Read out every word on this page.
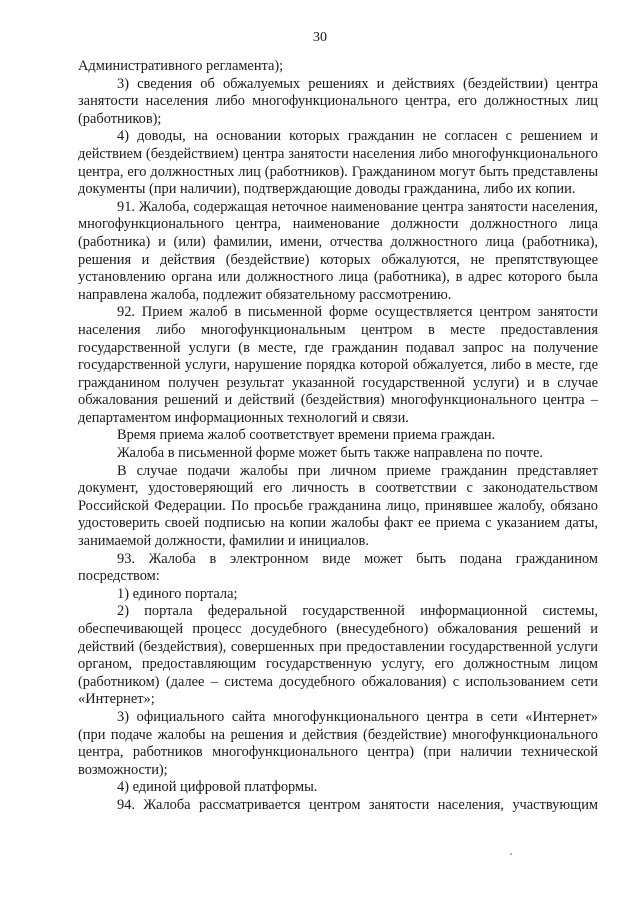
30

Административного регламента);

3) сведения об обжалуемых решениях и действиях (бездействии) центра занятости населения либо многофункционального центра, его должностных лиц (работников);

4) доводы, на основании которых гражданин не согласен с решением и действием (бездействием) центра занятости населения либо многофункционального центра, его должностных лиц (работников). Гражданином могут быть представлены документы (при наличии), подтверждающие доводы гражданина, либо их копии.

91. Жалоба, содержащая неточное наименование центра занятости населения, многофункционального центра, наименование должности должностного лица (работника) и (или) фамилии, имени, отчества должностного лица (работника), решения и действия (бездействие) которых обжалуются, не препятствующее установлению органа или должностного лица (работника), в адрес которого была направлена жалоба, подлежит обязательному рассмотрению.

92. Прием жалоб в письменной форме осуществляется центром занятости населения либо многофункциональным центром в месте предоставления государственной услуги (в месте, где гражданин подавал запрос на получение государственной услуги, нарушение порядка которой обжалуется, либо в месте, где гражданином получен результат указанной государственной услуги) и в случае обжалования решений и действий (бездействия) многофункционального центра – департаментом информационных технологий и связи.

Время приема жалоб соответствует времени приема граждан.

Жалоба в письменной форме может быть также направлена по почте.

В случае подачи жалобы при личном приеме гражданин представляет документ, удостоверяющий его личность в соответствии с законодательством Российской Федерации. По просьбе гражданина лицо, принявшее жалобу, обязано удостоверить своей подписью на копии жалобы факт ее приема с указанием даты, занимаемой должности, фамилии и инициалов.

93. Жалоба в электронном виде может быть подана гражданином посредством:

1) единого портала;

2) портала федеральной государственной информационной системы, обеспечивающей процесс досудебного (внесудебного) обжалования решений и действий (бездействия), совершенных при предоставлении государственной услуги органом, предоставляющим государственную услугу, его должностным лицом (работником) (далее – система досудебного обжалования) с использованием сети «Интернет»;

3) официального сайта многофункционального центра в сети «Интернет» (при подаче жалобы на решения и действия (бездействие) многофункционального центра, работников многофункционального центра) (при наличии технической возможности);

4) единой цифровой платформы.

94. Жалоба рассматривается центром занятости населения, участвующим
